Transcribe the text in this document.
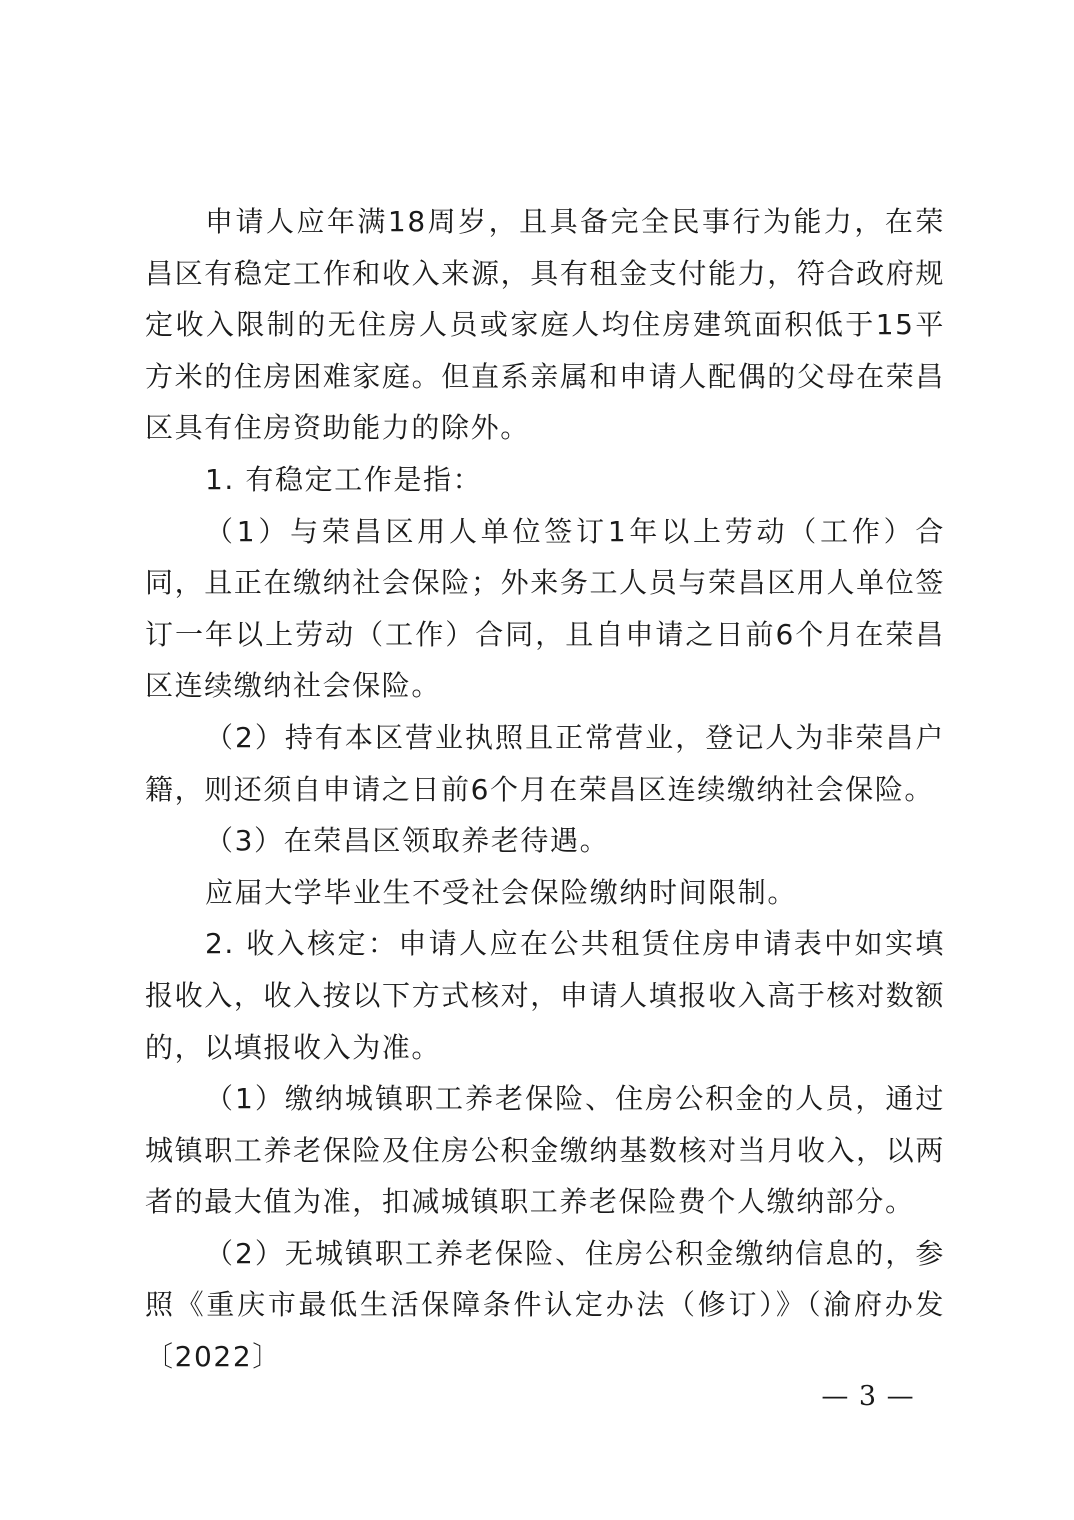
申请人应年满18周岁，且具备完全民事行为能力，在荣昌区有稳定工作和收入来源，具有租金支付能力，符合政府规定收入限制的无住房人员或家庭人均住房建筑面积低于15平方米的住房困难家庭。但直系亲属和申请人配偶的父母在荣昌区具有住房资助能力的除外。

1. 有稳定工作是指：

（1）与荣昌区用人单位签订1年以上劳动（工作）合同，且正在缴纳社会保险；外来务工人员与荣昌区用人单位签订一年以上劳动（工作）合同，且自申请之日前6个月在荣昌区连续缴纳社会保险。

（2）持有本区营业执照且正常营业，登记人为非荣昌户籍，则还须自申请之日前6个月在荣昌区连续缴纳社会保险。

（3）在荣昌区领取养老待遇。

应届大学毕业生不受社会保险缴纳时间限制。

2. 收入核定：申请人应在公共租赁住房申请表中如实填报收入，收入按以下方式核对，申请人填报收入高于核对数额的，以填报收入为准。

（1）缴纳城镇职工养老保险、住房公积金的人员，通过城镇职工养老保险及住房公积金缴纳基数核对当月收入，以两者的最大值为准，扣减城镇职工养老保险费个人缴纳部分。

（2）无城镇职工养老保险、住房公积金缴纳信息的，参照《重庆市最低生活保障条件认定办法（修订）》（渝府办发〔2022〕

— 3 —
